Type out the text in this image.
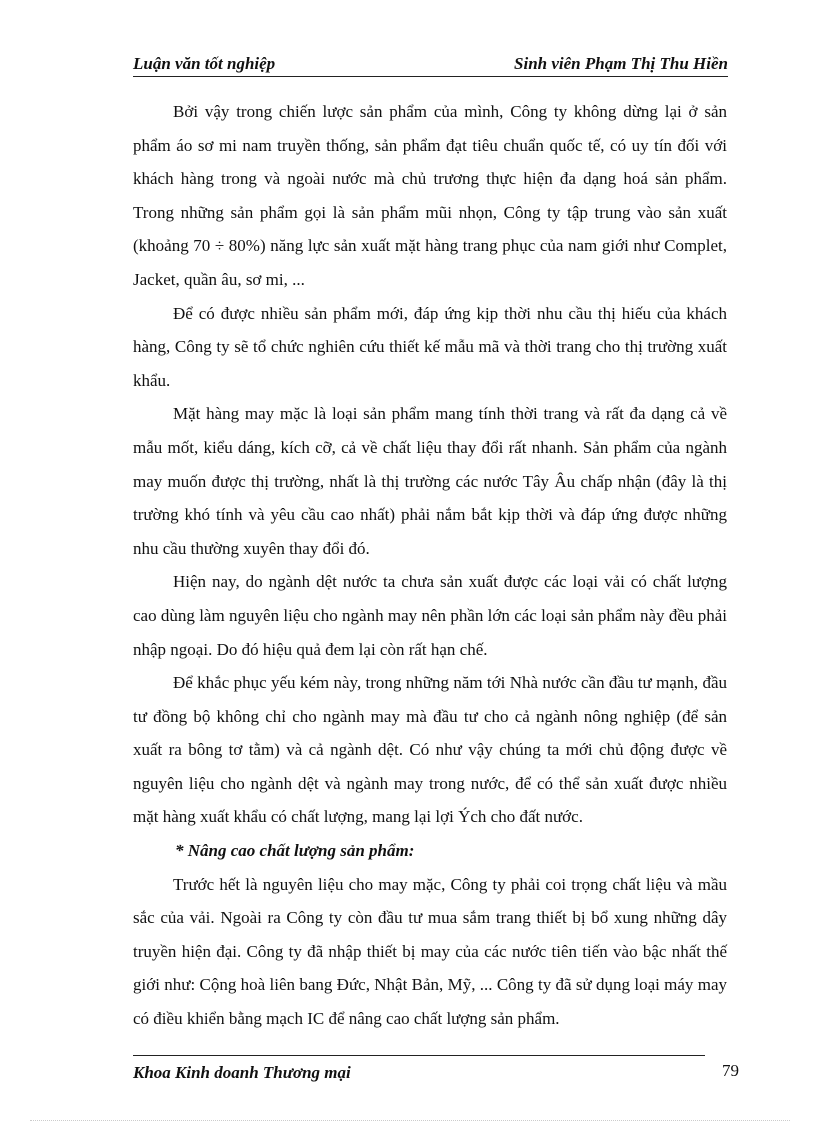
Luận văn tốt nghiệp	Sinh viên Phạm Thị Thu Hiền

Bởi vậy trong chiến lược sản phẩm của mình, Công ty không dừng lại ở sản phẩm áo sơ mi nam truyền thống, sản phẩm đạt tiêu chuẩn quốc tế, có uy tín đối với khách hàng trong và ngoài nước mà chủ trương thực hiện đa dạng hoá sản phẩm. Trong những sản phẩm gọi là sản phẩm mũi nhọn, Công ty tập trung vào sản xuất (khoảng 70 ÷ 80%) năng lực sản xuất mặt hàng trang phục của nam giới như Complet, Jacket, quần âu, sơ mi, ...

Để có được nhiều sản phẩm mới, đáp ứng kịp thời nhu cầu thị hiếu của khách hàng, Công ty sẽ tổ chức nghiên cứu thiết kế mẫu mã và thời trang cho thị trường xuất khẩu.

Mặt hàng may mặc là loại sản phẩm mang tính thời trang và rất đa dạng cả về mẫu mốt, kiểu dáng, kích cỡ, cả về chất liệu thay đổi rất nhanh. Sản phẩm của ngành may muốn được thị trường, nhất là thị trường các nước Tây Âu chấp nhận (đây là thị trường khó tính và yêu cầu cao nhất) phải nắm bắt kịp thời và đáp ứng được những nhu cầu thường xuyên thay đổi đó.

Hiện nay, do ngành dệt nước ta chưa sản xuất được các loại vải có chất lượng cao dùng làm nguyên liệu cho ngành may nên phần lớn các loại sản phẩm này đều phải nhập ngoại. Do đó hiệu quả đem lại còn rất hạn chế.

Để khắc phục yếu kém này, trong những năm tới Nhà nước cần đầu tư mạnh, đầu tư đồng bộ không chỉ cho ngành may mà đầu tư cho cả ngành nông nghiệp (để sản xuất ra bông tơ tằm) và cả ngành dệt. Có như vậy chúng ta mới chủ động được về nguyên liệu cho ngành dệt và ngành may trong nước, để có thể sản xuất được nhiều mặt hàng xuất khẩu có chất lượng, mang lại lợi Ých cho đất nước.

* Nâng cao chất lượng sản phẩm:

Trước hết là nguyên liệu cho may mặc, Công ty phải coi trọng chất liệu và mầu sắc của vải. Ngoài ra Công ty còn đầu tư mua sắm trang thiết bị bổ xung những dây truyền hiện đại. Công ty đã nhập thiết bị may của các nước tiên tiến vào bậc nhất thế giới như: Cộng hoà liên bang Đức, Nhật Bản, Mỹ, ... Công ty đã sử dụng loại máy may có điều khiển bằng mạch IC để nâng cao chất lượng sản phẩm.

Khoa Kinh doanh Thương mại	79
